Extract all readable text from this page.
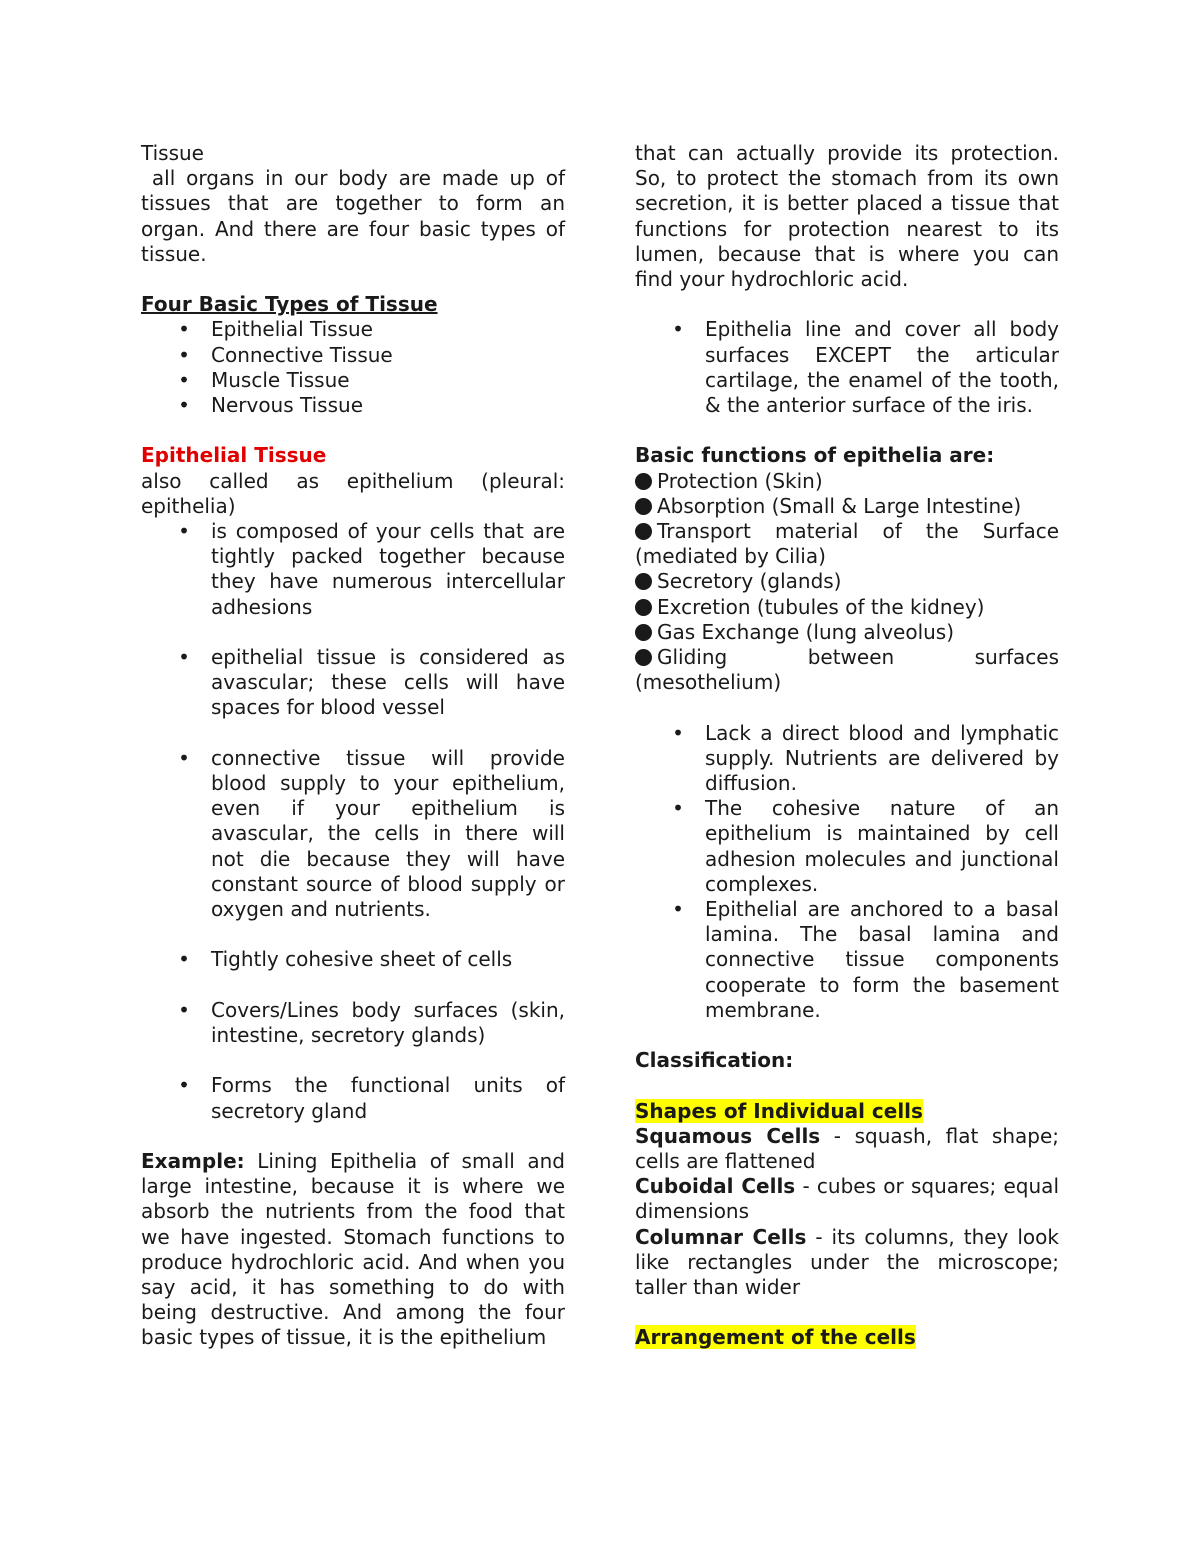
Tissue

all organs in our body are made up of tissues that are together to form an organ. And there are four basic types of tissue.

Four Basic Types of Tissue

• Epithelial Tissue
• Connective Tissue
• Muscle Tissue
• Nervous Tissue

Epithelial Tissue

also called as epithelium (pleural: epithelia)

• is composed of your cells that are tightly packed together because they have numerous intercellular adhesions
• epithelial tissue is considered as avascular; these cells will have spaces for blood vessel
• connective tissue will provide blood supply to your epithelium, even if your epithelium is avascular, the cells in there will not die because they will have constant source of blood supply or oxygen and nutrients.
• Tightly cohesive sheet of cells
• Covers/Lines body surfaces (skin, intestine, secretory glands)
• Forms the functional units of secretory gland

Example: Lining Epithelia of small and large intestine, because it is where we absorb the nutrients from the food that we have ingested. Stomach functions to produce hydrochloric acid. And when you say acid, it has something to do with being destructive. And among the four basic types of tissue, it is the epithelium

that can actually provide its protection. So, to protect the stomach from its own secretion, it is better placed a tissue that functions for protection nearest to its lumen, because that is where you can find your hydrochloric acid.

• Epithelia line and cover all body surfaces EXCEPT the articular cartilage, the enamel of the tooth, & the anterior surface of the iris.

Basic functions of epithelia are:

Protection (Skin)

Absorption (Small & Large Intestine)

Transport material of the Surface (mediated by Cilia)

Secretory (glands)

Excretion (tubules of the kidney)

Gas Exchange (lung alveolus)

Gliding between surfaces (mesothelium)

• Lack a direct blood and lymphatic supply. Nutrients are delivered by diffusion.
• The cohesive nature of an epithelium is maintained by cell adhesion molecules and junctional complexes.
• Epithelial are anchored to a basal lamina. The basal lamina and connective tissue components cooperate to form the basement membrane.

Classification:

Shapes of Individual cells

Squamous Cells - squash, flat shape; cells are flattened

Cuboidal Cells - cubes or squares; equal dimensions

Columnar Cells - its columns, they look like rectangles under the microscope; taller than wider

Arrangement of the cells
